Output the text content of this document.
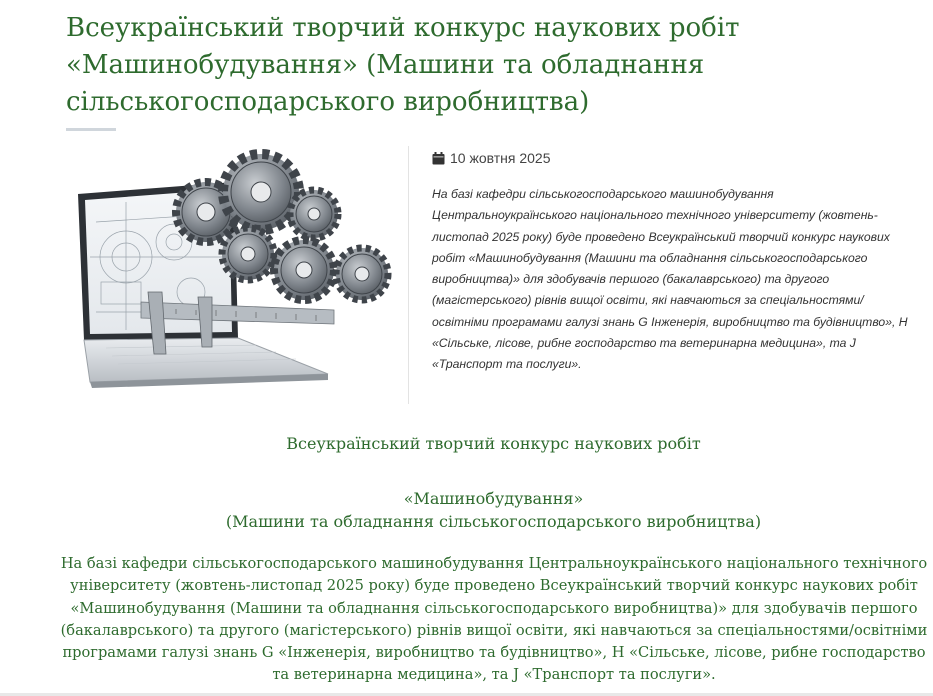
Всеукраїнський творчий конкурс наукових робіт «Машинобудування» (Машини та обладнання сільськогосподарського виробництва)
10 жовтня 2025

На базі кафедри сільськогосподарського машинобудування Центральноукраїнського національного технічного університету (жовтень-листопад 2025 року) буде проведено Всеукраїнський творчий конкурс наукових робіт «Машинобудування (Машини та обладнання сільськогосподарського виробництва)» для здобувачів першого (бакалаврського) та другого (магістерського) рівнів вищої освіти, які навчаються за спеціальностями/освітніми програмами галузі знань G Інженерія, виробництво та будівництво», H «Сільське, лісове, рибне господарство та ветеринарна медицина», та J «Транспорт та послуги».

Всеукраїнський творчий конкурс наукових робіт

«Машинобудування»

(Машини та обладнання сільськогосподарського виробництва)

На базі кафедри сільськогосподарського машинобудування Центральноукраїнського національного технічного університету (жовтень-листопад 2025 року) буде проведено Всеукраїнський творчий конкурс наукових робіт «Машинобудування (Машини та обладнання сільськогосподарського виробництва)» для здобувачів першого (бакалаврського) та другого (магістерського) рівнів вищої освіти, які навчаються за спеціальностями/освітніми програмами галузі знань G «Інженерія, виробництво та будівництво», H «Сільське, лісове, рибне господарство та ветеринарна медицина», та J «Транспорт та послуги».
